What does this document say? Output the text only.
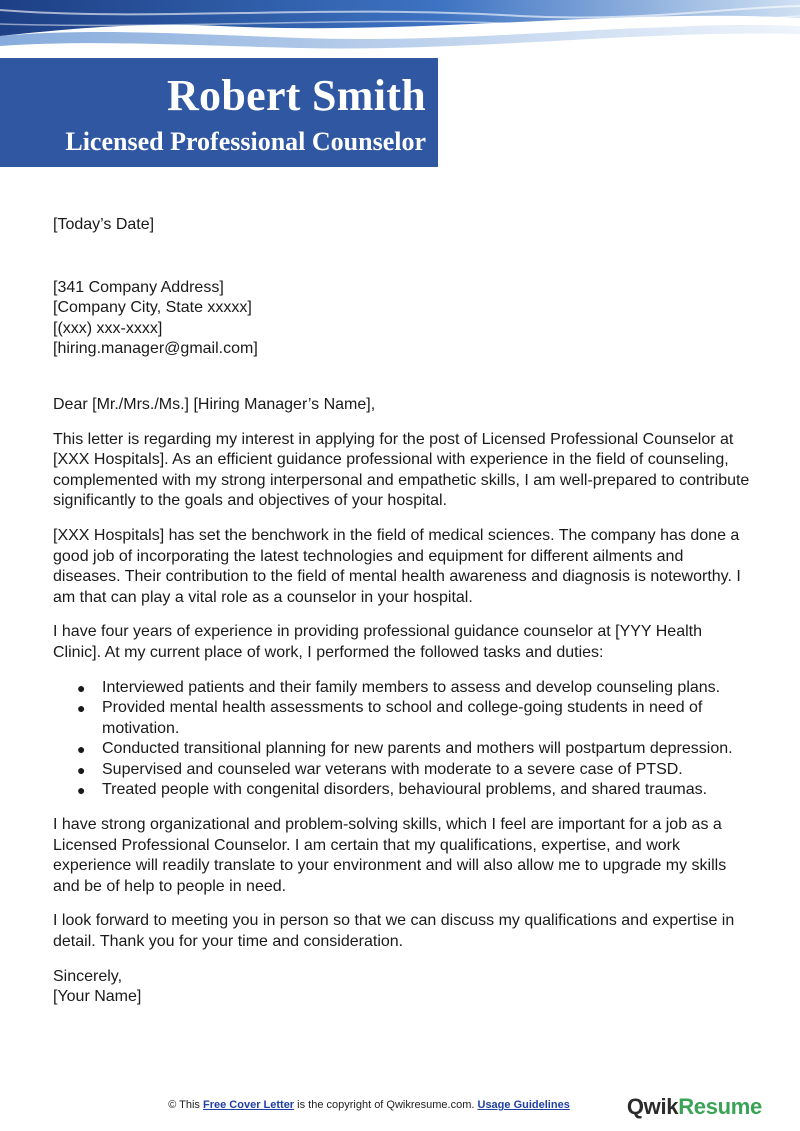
Robert Smith
Licensed Professional Counselor

[Today’s Date]

[341 Company Address]

[Company City, State xxxxx]

[(xxx) xxx-xxxx]

[hiring.manager@gmail.com]

Dear [Mr./Mrs./Ms.] [Hiring Manager’s Name],

This letter is regarding my interest in applying for the post of Licensed Professional Counselor at [XXX Hospitals]. As an efficient guidance professional with experience in the field of counseling, complemented with my strong interpersonal and empathetic skills, I am well-prepared to contribute significantly to the goals and objectives of your hospital.

[XXX Hospitals] has set the benchwork in the field of medical sciences. The company has done a good job of incorporating the latest technologies and equipment for different ailments and diseases. Their contribution to the field of mental health awareness and diagnosis is noteworthy. I am that can play a vital role as a counselor in your hospital.

I have four years of experience in providing professional guidance counselor at [YYY Health Clinic]. At my current place of work, I performed the followed tasks and duties:

● Interviewed patients and their family members to assess and develop counseling plans.
● Provided mental health assessments to school and college-going students in need of motivation.
● Conducted transitional planning for new parents and mothers will postpartum depression.
● Supervised and counseled war veterans with moderate to a severe case of PTSD.
● Treated people with congenital disorders, behavioural problems, and shared traumas.

I have strong organizational and problem-solving skills, which I feel are important for a job as a Licensed Professional Counselor. I am certain that my qualifications, expertise, and work experience will readily translate to your environment and will also allow me to upgrade my skills and be of help to people in need.

I look forward to meeting you in person so that we can discuss my qualifications and expertise in detail. Thank you for your time and consideration.

Sincerely,

[Your Name]

© This Free Cover Letter is the copyright of Qwikresume.com. Usage Guidelines	QwikResume
